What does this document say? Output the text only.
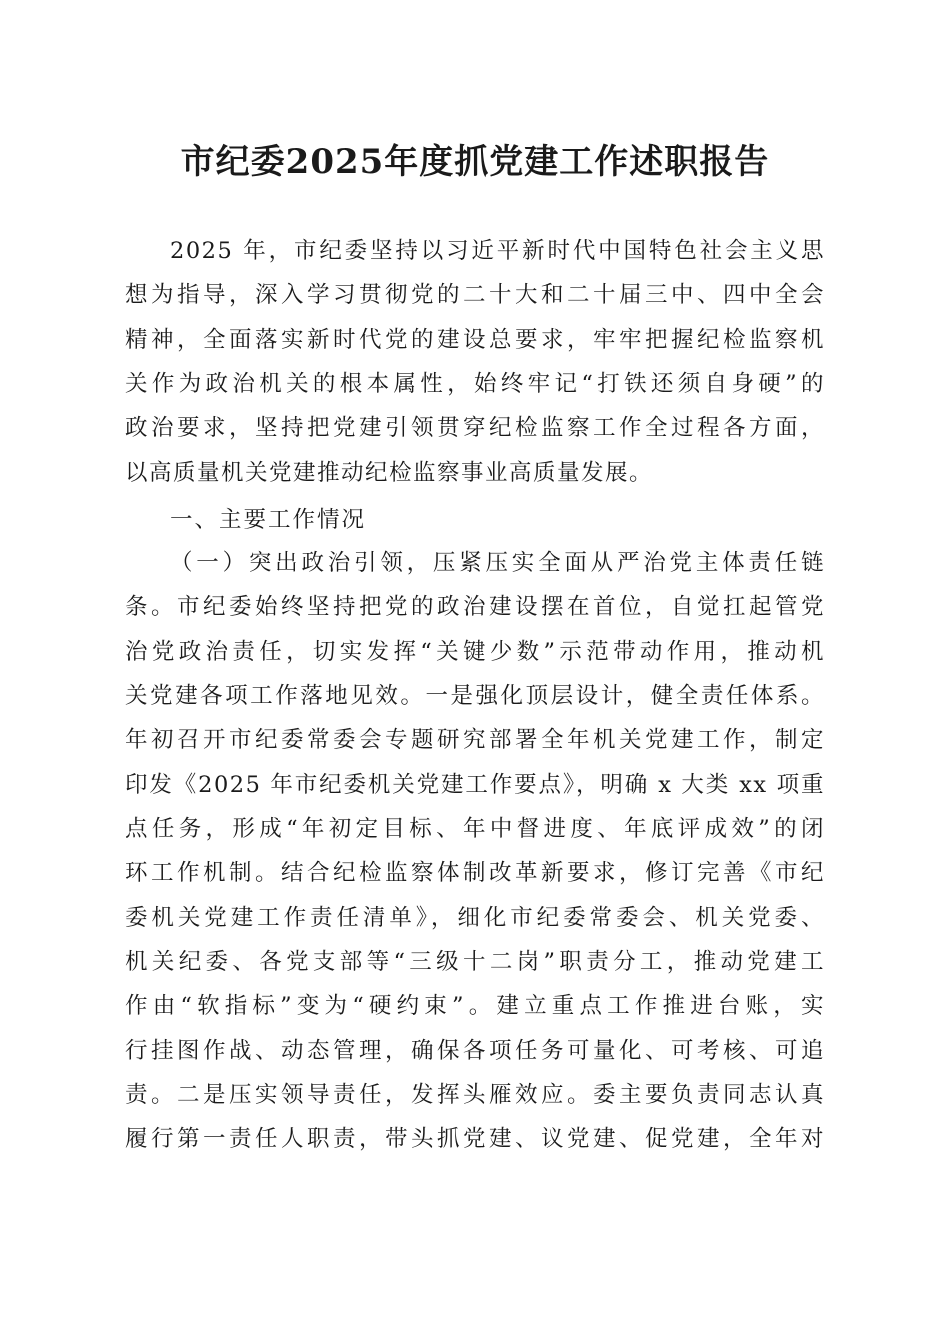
市纪委2025年度抓党建工作述职报告
2025 年，市纪委坚持以习近平新时代中国特色社会主义思
想为指导，深入学习贯彻党的二十大和二十届三中、四中全会
精神，全面落实新时代党的建设总要求，牢牢把握纪检监察机
关作为政治机关的根本属性，始终牢记“打铁还须自身硬”的
政治要求，坚持把党建引领贯穿纪检监察工作全过程各方面，
以高质量机关党建推动纪检监察事业高质量发展。
一、主要工作情况
（一）突出政治引领，压紧压实全面从严治党主体责任链
条。市纪委始终坚持把党的政治建设摆在首位，自觉扛起管党
治党政治责任，切实发挥“关键少数”示范带动作用，推动机
关党建各项工作落地见效。一是强化顶层设计，健全责任体系。
年初召开市纪委常委会专题研究部署全年机关党建工作，制定
印发《2025 年市纪委机关党建工作要点》，明确 x 大类 xx 项重
点任务，形成“年初定目标、年中督进度、年底评成效”的闭
环工作机制。结合纪检监察体制改革新要求，修订完善《市纪
委机关党建工作责任清单》，细化市纪委常委会、机关党委、
机关纪委、各党支部等“三级十二岗”职责分工，推动党建工
作由“软指标”变为“硬约束”。建立重点工作推进台账，实
行挂图作战、动态管理，确保各项任务可量化、可考核、可追
责。二是压实领导责任，发挥头雁效应。委主要负责同志认真
履行第一责任人职责，带头抓党建、议党建、促党建，全年对
